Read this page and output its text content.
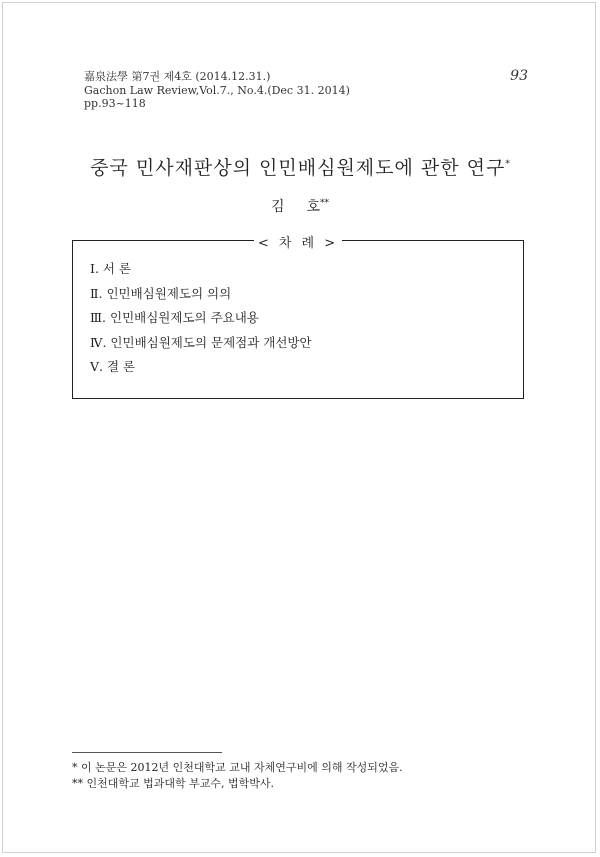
嘉泉法學 第7권 제4호 (2014.12.31.)
Gachon Law Review,Vol.7., No.4.(Dec 31. 2014)
pp.93~118
93
중국 민사재판상의 인민배심원제도에 관한 연구*
김 호**
< 차 례 >
Ⅰ. 서 론
Ⅱ. 인민배심원제도의 의의
Ⅲ. 인민배심원제도의 주요내용
Ⅳ. 인민배심원제도의 문제점과 개선방안
Ⅴ. 결 론
* 이 논문은 2012년 인천대학교 교내 자체연구비에 의해 작성되었음.
** 인천대학교 법과대학 부교수, 법학박사.
